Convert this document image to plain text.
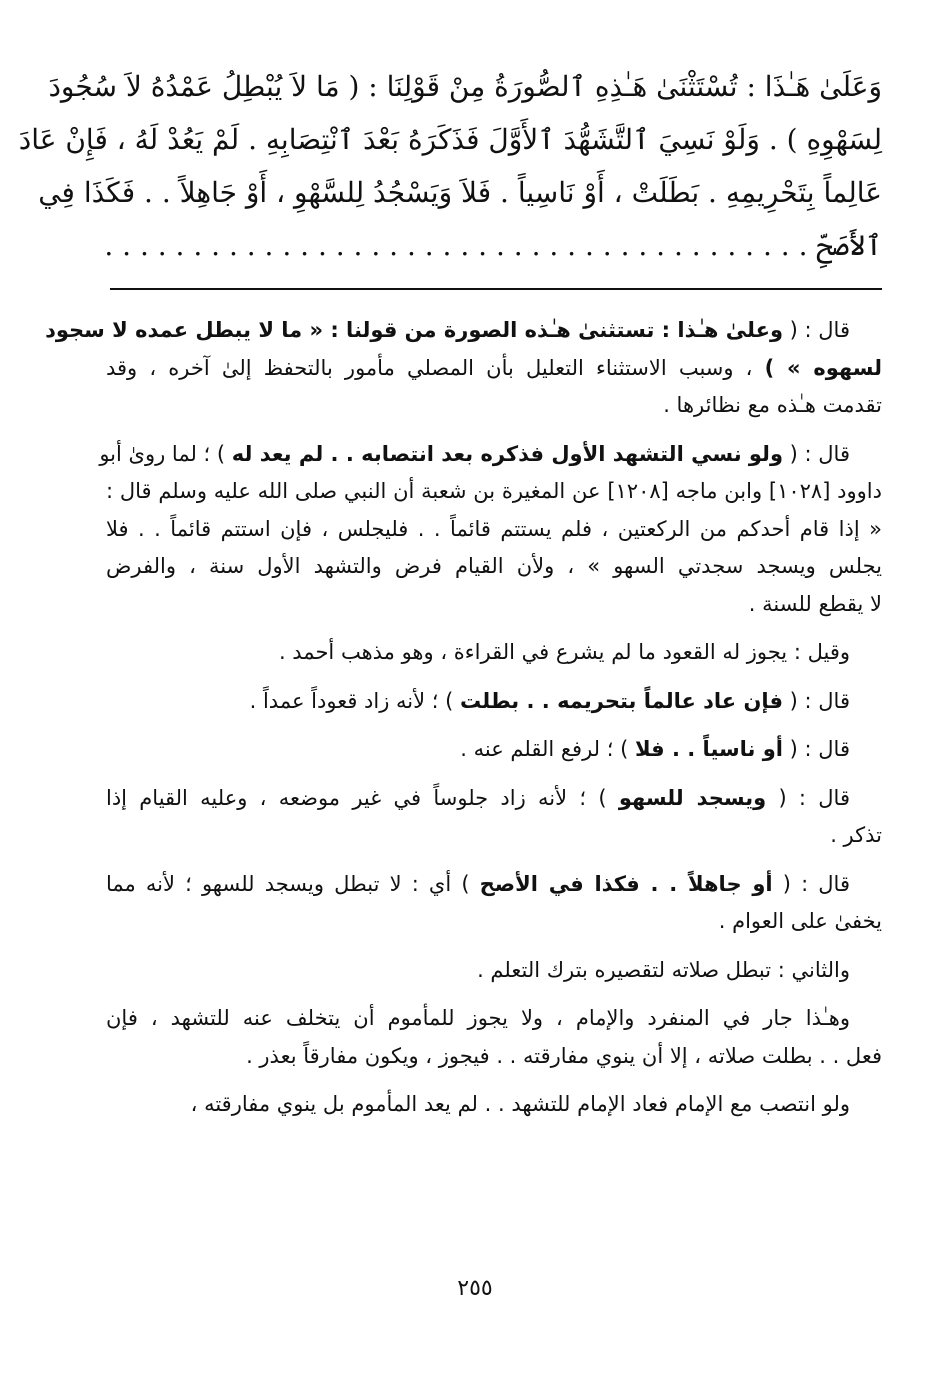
وَعَلَىٰ هَـٰذَا : تُسْتَثْنَىٰ هَـٰذِهِ ٱلصُّورَةُ مِنْ قَوْلِنَا : ( مَا لاَ يُبْطِلُ عَمْدُهُ لاَ سُجُودَ
لِسَهْوِهِ ) . وَلَوْ نَسِيَ ٱلتَّشَهُّدَ ٱلأَوَّلَ فَذَكَرَهُ بَعْدَ ٱنْتِصَابِهِ . لَمْ يَعُدْ لَهُ ، فَإِنْ عَادَ
عَالِماً بِتَحْرِيمِهِ . بَطَلَتْ ، أَوْ نَاسِياً . فَلاَ وَيَسْجُدُ لِلسَّهْوِ ، أَوْ جَاهِلاً . . فَكَذَا فِي
ٱلأَصَحِّ . . . . . . . . . . . . . . . . . . . . . . . . . . . . . . . . . . . . . . . .
قال : ( وعلىٰ هـٰذا : تستثنىٰ هـٰذه الصورة من قولنا : « ما لا يبطل عمده لا سجود
لسهوه » ) ، وسبب الاستثناء التعليل بأن المصلي مأمور بالتحفظ إلىٰ آخره ، وقد
تقدمت هـٰذه مع نظائرها .
قال : ( ولو نسي التشهد الأول فذكره بعد انتصابه . . لم يعد له ) ؛ لما رویٰ أبو
داوود [١٠٢٨] وابن ماجه [١٢٠٨] عن المغيرة بن شعبة أن النبي صلى الله عليه وسلم قال :
« إذا قام أحدكم من الركعتين ، فلم يستتم قائماً . . فليجلس ، فإن استتم قائماً . . فلا
يجلس ويسجد سجدتي السهو » ، ولأن القيام فرض والتشهد الأول سنة ، والفرض
لا يقطع للسنة .
وقيل : يجوز له القعود ما لم يشرع في القراءة ، وهو مذهب أحمد .
قال : ( فإن عاد عالماً بتحريمه . . بطلت ) ؛ لأنه زاد قعوداً عمداً .
قال : ( أو ناسياً . . فلا ) ؛ لرفع القلم عنه .
قال : ( ويسجد للسهو ) ؛ لأنه زاد جلوساً في غير موضعه ، وعليه القيام إذا
تذكر .
قال : ( أو جاهلاً . . فكذا في الأصح ) أي : لا تبطل ويسجد للسهو ؛ لأنه مما
يخفىٰ على العوام .
والثاني : تبطل صلاته لتقصيره بترك التعلم .
وهـٰذا جار في المنفرد والإمام ، ولا يجوز للمأموم أن يتخلف عنه للتشهد ، فإن
فعل . . بطلت صلاته ، إلا أن ينوي مفارقته . . فيجوز ، ويكون مفارقاً بعذر .
ولو انتصب مع الإمام فعاد الإمام للتشهد . . لم يعد المأموم بل ينوي مفارقته ،
٢٥٥
